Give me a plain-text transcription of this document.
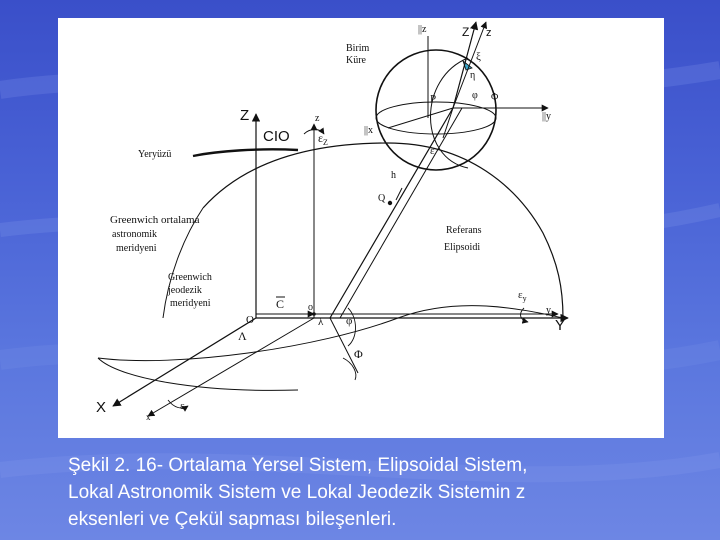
Birim
Küre
||z	Z z
ξ
η
Φ
φ
P
||y
||x
ε
Z
CIO
z
$\varepsilon_Z$
Yeryüzü
h
Q
Greenwich ortalama
astronomik
meridyeni
Referans
Elipsoidi
Greenwich
jeodezik
meridyeni	C o
O
Λ
λ φ
Φ
$\varepsilon_y$
y
Y
X
x
ε
Şekil 2. 16- Ortalama Yersel Sistem, Elipsoidal Sistem,
Lokal Astronomik Sistem ve Lokal Jeodezik Sistemin z
eksenleri ve Çekül sapması bileşenleri.
